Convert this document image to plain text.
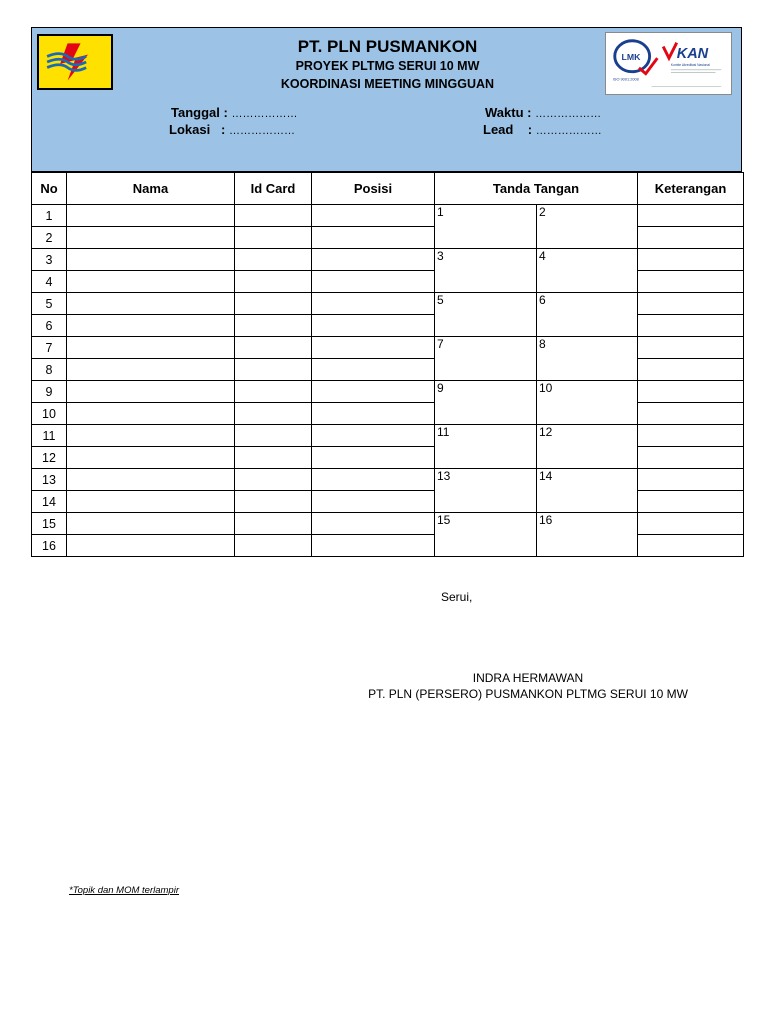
PT. PLN PUSMANKON
PROYEK PLTMG SERUI 10 MW
KOORDINASI MEETING MINGGUAN
Tanggal : ………………
Lokasi   : ………………
Waktu : ………………
Lead    : ………………
LMK KAN
Komite Akreditasi Nasional
ISO 9001:2008
No	Nama	Id Card	Posisi	Tanda Tangan		Keterangan
1				1	2	
2						
3				3	4	
4						
5				5	6	
6						
7				7	8	
8						
9				9	10	
10						
11				11	12	
12						
13				13	14	
14						
15				15	16	
16						
Serui,
INDRA HERMAWAN
PT. PLN (PERSERO) PUSMANKON PLTMG SERUI 10 MW
*Topik dan MOM terlampir
